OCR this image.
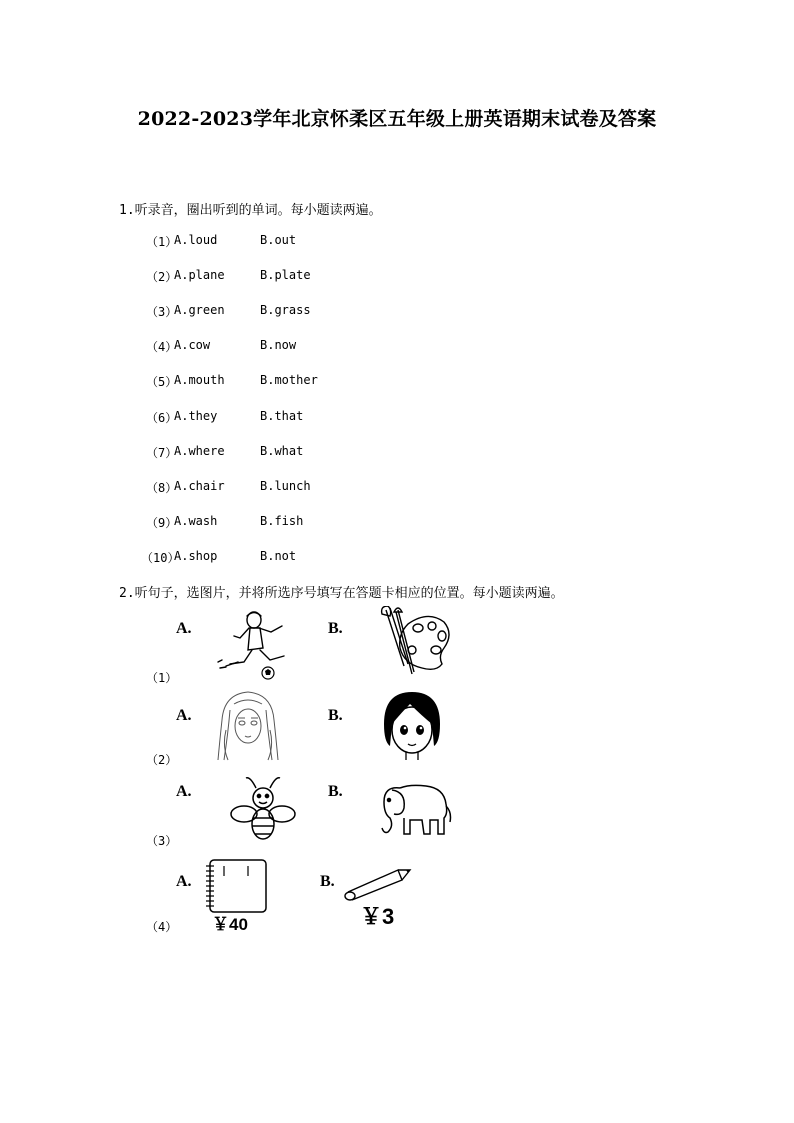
2022-2023学年北京怀柔区五年级上册英语期末试卷及答案
1.听录音，圈出听到的单词。每小题读两遍。
（1）
A.loud	B.out
（2）
A.plane	B.plate
（3）
A.green	B.grass
（4）
A.cow	B.now
（5）
A.mouth	B.mother
（6）
A.they	B.that
（7）
A.where	B.what
（8）
A.chair	B.lunch
（9）
A.wash	B.fish
（10）
A.shop	B.not
2.听句子，选图片，并将所选序号填写在答题卡相应的位置。每小题读两遍。
A.	B.
（1）
A.	B.
（2）
A.	B.
（3）
A.
￥40
B.
￥3
（4）
